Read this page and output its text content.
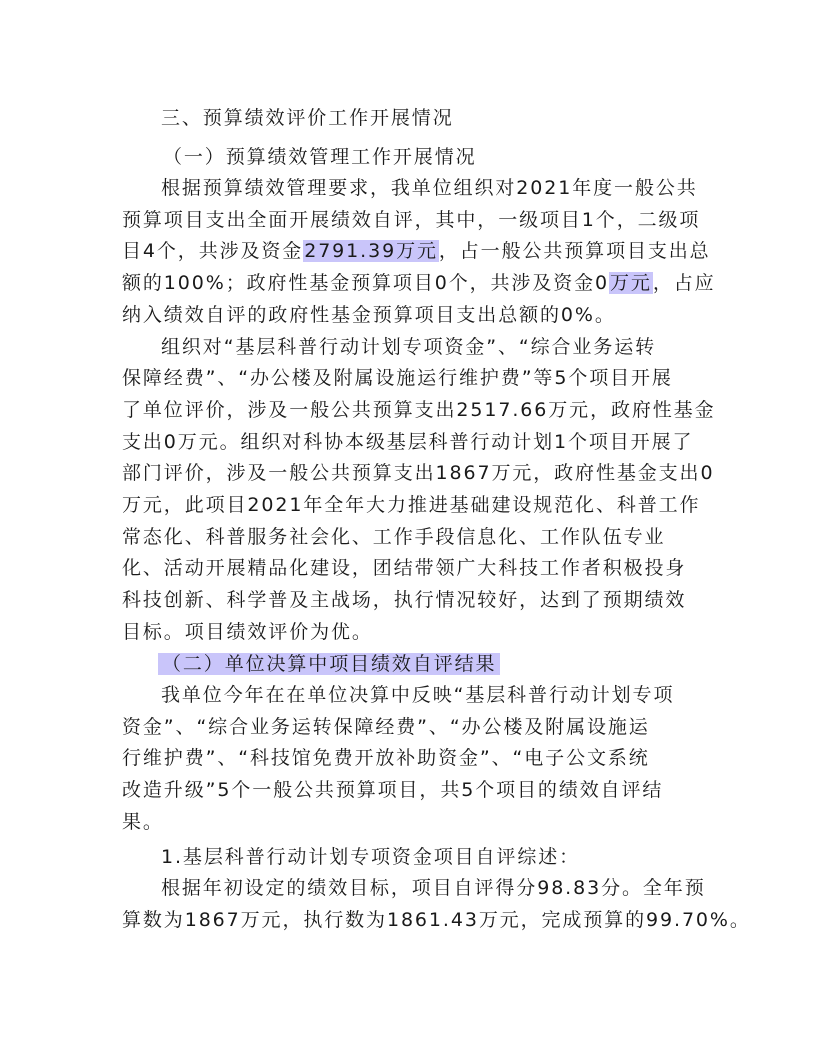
三、预算绩效评价工作开展情况
（一）预算绩效管理工作开展情况
根据预算绩效管理要求，我单位组织对2021年度一般公共
预算项目支出全面开展绩效自评，其中，一级项目1个，二级项
目4个，共涉及资金2791.39万元，占一般公共预算项目支出总
额的100%；政府性基金预算项目0个，共涉及资金0万元，占应
纳入绩效自评的政府性基金预算项目支出总额的0%。
组织对“基层科普行动计划专项资金”、“综合业务运转
保障经费”、“办公楼及附属设施运行维护费”等5个项目开展
了单位评价，涉及一般公共预算支出2517.66万元，政府性基金
支出0万元。组织对科协本级基层科普行动计划1个项目开展了
部门评价，涉及一般公共预算支出1867万元，政府性基金支出0
万元，此项目2021年全年大力推进基础建设规范化、科普工作
常态化、科普服务社会化、工作手段信息化、工作队伍专业
化、活动开展精品化建设，团结带领广大科技工作者积极投身
科技创新、科学普及主战场，执行情况较好，达到了预期绩效
目标。项目绩效评价为优。
（二）单位决算中项目绩效自评结果
我单位今年在在单位决算中反映“基层科普行动计划专项
资金”、“综合业务运转保障经费”、“办公楼及附属设施运
行维护费”、“科技馆免费开放补助资金”、“电子公文系统
改造升级”5个一般公共预算项目，共5个项目的绩效自评结
果。
1.基层科普行动计划专项资金项目自评综述：
根据年初设定的绩效目标，项目自评得分98.83分。全年预
算数为1867万元，执行数为1861.43万元，完成预算的99.70%。
